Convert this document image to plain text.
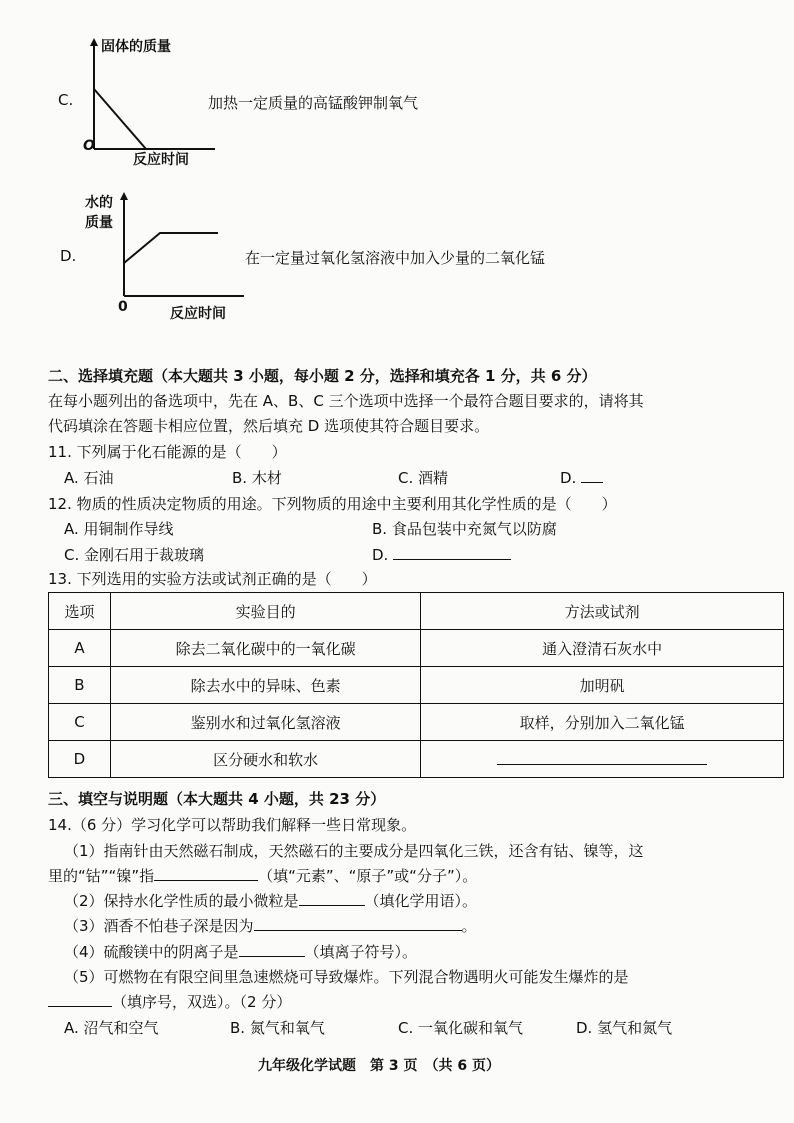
C.
固体的质量
O
反应时间
加热一定质量的高锰酸钾制氧气
D.
水的
质量
0	反应时间
在一定量过氧化氢溶液中加入少量的二氧化锰
二、选择填充题（本大题共 3 小题，每小题 2 分，选择和填充各 1 分，共 6 分）
在每小题列出的备选项中，先在 A、B、C 三个选项中选择一个最符合题目要求的，请将其
代码填涂在答题卡相应位置，然后填充 D 选项使其符合题目要求。
11. 下列属于化石能源的是（　　）
A. 石油	B. 木材	C. 酒精	D.
12. 物质的性质决定物质的用途。下列物质的用途中主要利用其化学性质的是（　　）
A. 用铜制作导线	B. 食品包装中充氮气以防腐
C. 金刚石用于裁玻璃	D.
13. 下列选用的实验方法或试剂正确的是（　　）
选项	实验目的	方法或试剂
A	除去二氧化碳中的一氧化碳	通入澄清石灰水中
B	除去水中的异味、色素	加明矾
C	鉴别水和过氧化氢溶液	取样，分别加入二氧化锰
D	区分硬水和软水	
三、填空与说明题（本大题共 4 小题，共 23 分）
14.（6 分）学习化学可以帮助我们解释一些日常现象。
（1）指南针由天然磁石制成，天然磁石的主要成分是四氧化三铁，还含有钴、镍等，这
里的“钴”“镍”指	（填“元素”、“原子”或“分子”）。
（2）保持水化学性质的最小微粒是	（填化学用语）。
（3）酒香不怕巷子深是因为	。
（4）硫酸镁中的阴离子是	（填离子符号）。
（5）可燃物在有限空间里急速燃烧可导致爆炸。下列混合物遇明火可能发生爆炸的是
（填序号，双选）。（2 分）
A. 沼气和空气	B. 氮气和氧气	C. 一氧化碳和氧气	D. 氢气和氮气
九年级化学试题　第 3 页　（共 6 页）
